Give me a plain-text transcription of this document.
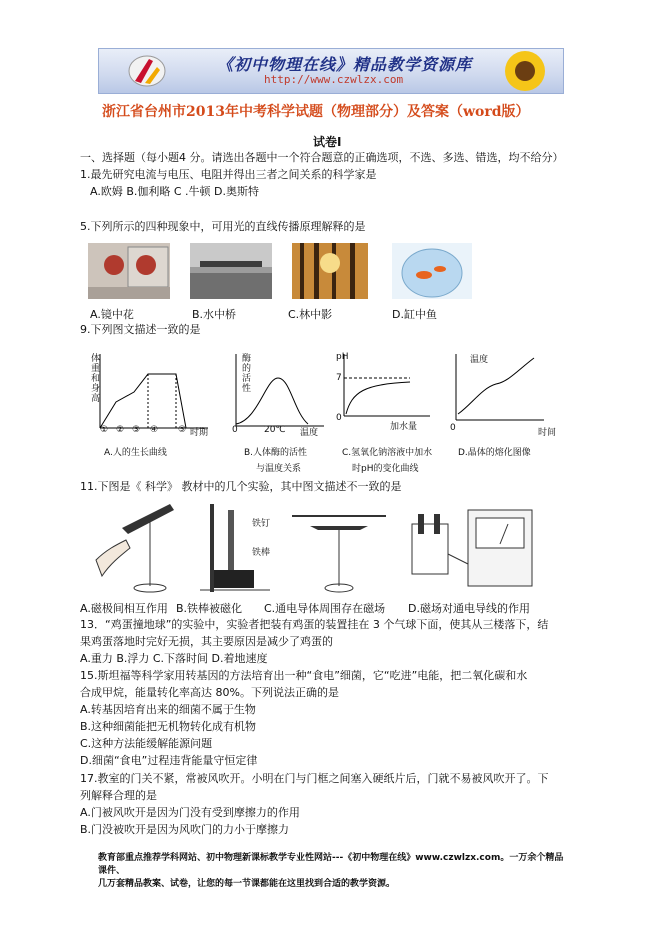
《初中物理在线》精品教学资源库
http://www.czwlzx.com
浙江省台州市2013年中考科学试题（物理部分）及答案（word版）
试卷Ⅰ
一、选择题（每小题4 分。请选出各题中一个符合题意的正确选项，不选、多选、错选，均不给分）
1.最先研究电流与电压、电阻并得出三者之间关系的科学家是
A.欧姆 B.伽利略 C .牛顿 D.奥斯特
5.下列所示的四种现象中，可用光的直线传播原理解释的是
A.镜中花	B.水中桥	C.林中影	D.缸中鱼
9.下列图文描述一致的是
体重和身高
① ② ③ ④ ⑤ 时期
A.人的生长曲线
酶的活性
0	20℃ 温度
B.人体酶的活性
与温度关系
pH
7
0
加水量
C.氢氧化钠溶液中加水
时pH的变化曲线
温度
0	时间
D.晶体的熔化图像
11.下图是《 科学》 教材中的几个实验，其中图文描述不一致的是
铁钉
铁棒
A.磁极间相互作用 B.铁棒被磁化 C.通电导体周围存在磁场 D.磁场对通电导线的作用
13．“鸡蛋撞地球”的实验中，实验者把装有鸡蛋的装置挂在 3 个气球下面，使其从三楼落下，结
果鸡蛋落地时完好无损，其主要原因是减少了鸡蛋的
A.重力 B.浮力 C.下落时间 D.着地速度
15.斯坦福等科学家用转基因的方法培育出一种“食电”细菌，它“吃进”电能，把二氧化碳和水
合成甲烷，能量转化率高达 80%。下列说法正确的是
A.转基因培育出来的细菌不属于生物
B.这种细菌能把无机物转化成有机物
C.这种方法能缓解能源问题
D.细菌“食电”过程违背能量守恒定律
17.教室的门关不紧，常被风吹开。小明在门与门框之间塞入硬纸片后，门就不易被风吹开了。下
列解释合理的是
A.门被风吹开是因为门没有受到摩擦力的作用
B.门没被吹开是因为风吹门的力小于摩擦力
教育部重点推荐学科网站、初中物理新课标教学专业性网站---《初中物理在线》www.czwlzx.com。一万余个精品课件、
几万套精品教案、试卷，让您的每一节课都能在这里找到合适的教学资源。
